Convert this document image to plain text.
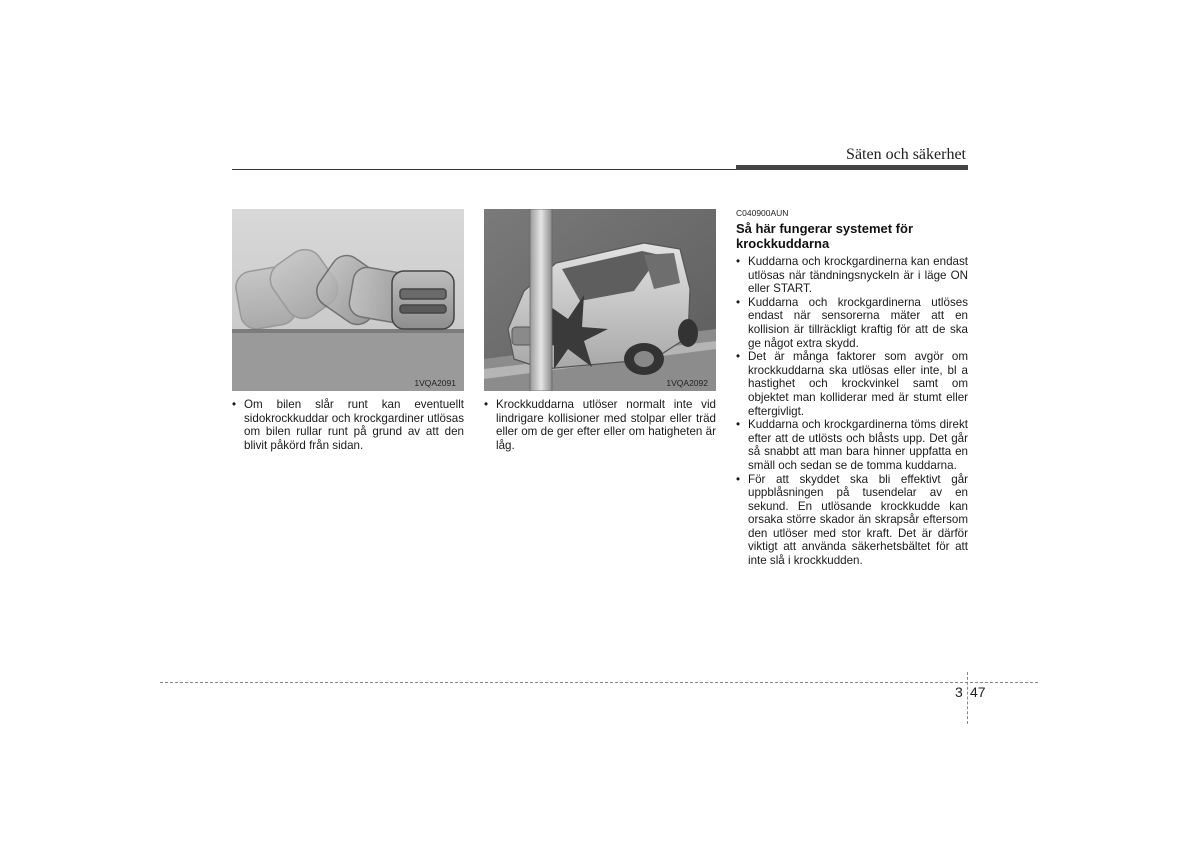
Säten och säkerhet
1VQA2091	1VQA2092
• Om bilen slår runt kan eventuellt sidokrockkuddar och krockgardiner utlösas om bilen rullar runt på grund av att den blivit påkörd från sidan.
• Krockkuddarna utlöser normalt inte vid lindrigare kollisioner med stolpar eller träd eller om de ger efter eller om hatigheten är låg.
C040900AUN
Så här fungerar systemet för krockkuddarna
• Kuddarna och krockgardinerna kan endast utlösas när tändningsnyckeln är i läge ON eller START.
• Kuddarna och krockgardinerna utlöses endast när sensorerna mäter att en kollision är tillräckligt kraftig för att de ska ge något extra skydd.
• Det är många faktorer som avgör om krockkuddarna ska utlösas eller inte, bl a hastighet och krockvinkel samt om objektet man kolliderar med är stumt eller eftergivligt.
• Kuddarna och krockgardinerna töms direkt efter att de utlösts och blåsts upp. Det går så snabbt att man bara hinner uppfatta en smäll och sedan se de tomma kuddarna.
• För att skyddet ska bli effektivt går uppblåsningen på tusendelar av en sekund. En utlösande krockkudde kan orsaka större skador än skrapsår eftersom den utlöser med stor kraft. Det är därför viktigt att använda säkerhetsbältet för att inte slå i krockkudden.
3 47
